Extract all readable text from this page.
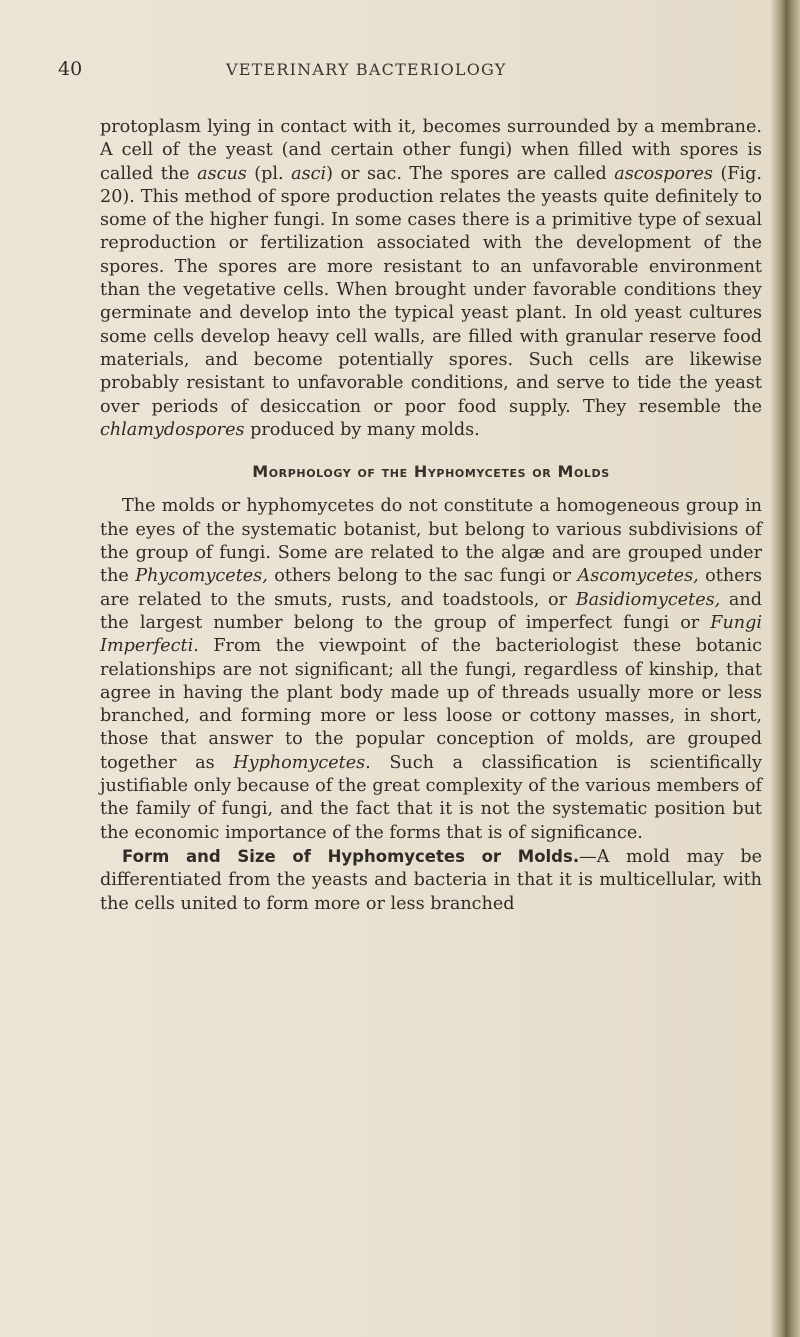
40	VETERINARY BACTERIOLOGY

protoplasm lying in contact with it, becomes surrounded by a membrane. A cell of the yeast (and certain other fungi) when filled with spores is called the ascus (pl. asci) or sac. The spores are called ascospores (Fig. 20). This method of spore production relates the yeasts quite definitely to some of the higher fungi. In some cases there is a primitive type of sexual reproduction or fertilization associated with the development of the spores. The spores are more resistant to an unfavorable environment than the vegetative cells. When brought under favorable conditions they germinate and develop into the typical yeast plant. In old yeast cultures some cells develop heavy cell walls, are filled with granular reserve food materials, and become potentially spores. Such cells are likewise probably resistant to unfavorable conditions, and serve to tide the yeast over periods of desiccation or poor food supply. They resemble the chlamydospores produced by many molds.

Morphology of the Hyphomycetes or Molds

The molds or hyphomycetes do not constitute a homogeneous group in the eyes of the systematic botanist, but belong to various subdivisions of the group of fungi. Some are related to the algæ and are grouped under the Phycomycetes, others belong to the sac fungi or Ascomycetes, others are related to the smuts, rusts, and toadstools, or Basidiomycetes, and the largest number belong to the group of imperfect fungi or Fungi Imperfecti. From the viewpoint of the bacteriologist these botanic relationships are not significant; all the fungi, regardless of kinship, that agree in having the plant body made up of threads usually more or less branched, and forming more or less loose or cottony masses, in short, those that answer to the popular conception of molds, are grouped together as Hyphomycetes. Such a classification is scientifically justifiable only because of the great complexity of the various members of the family of fungi, and the fact that it is not the systematic position but the economic importance of the forms that is of significance.

Form and Size of Hyphomycetes or Molds.—A mold may be differentiated from the yeasts and bacteria in that it is multicellular, with the cells united to form more or less branched
